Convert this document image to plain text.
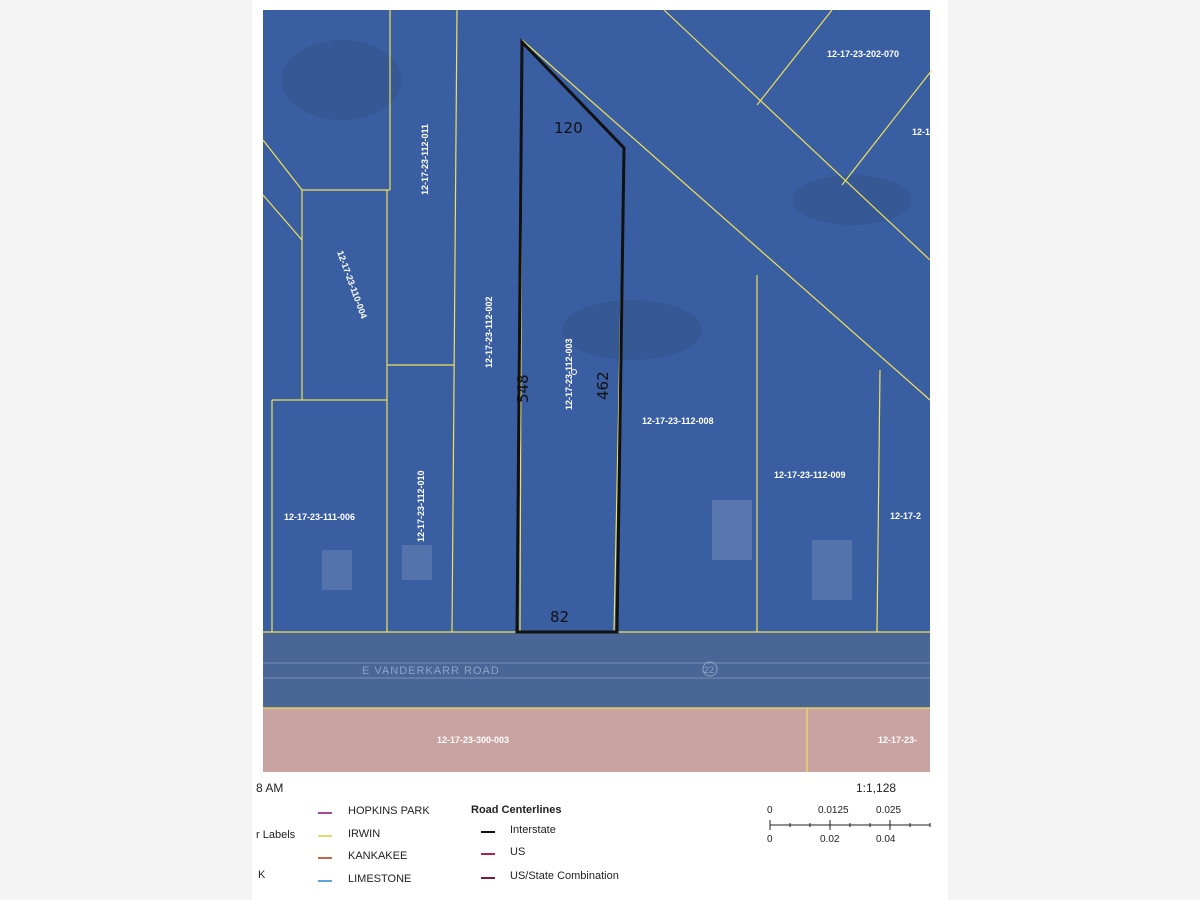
12-17-23-202-070
12-1
12-17-23-112-011
12-17-23-110-004
12-17-23-112-002
12-17-23-112-003
12-17-23-112-008
12-17-23-112-009
12-17-2
12-17-23-112-010
12-17-23-111-006
12-17-23-300-003	12-17-23-
E VANDERKARR ROAD	22
120
548	462
82
8 AM	1:1,128
r Labels
K
HOPKINS PARK
IRWIN
KANKAKEE
LIMESTONE
Road Centerlines
Interstate
US
US/State Combination
0	0.0125	0.025
0	0.02	0.04
